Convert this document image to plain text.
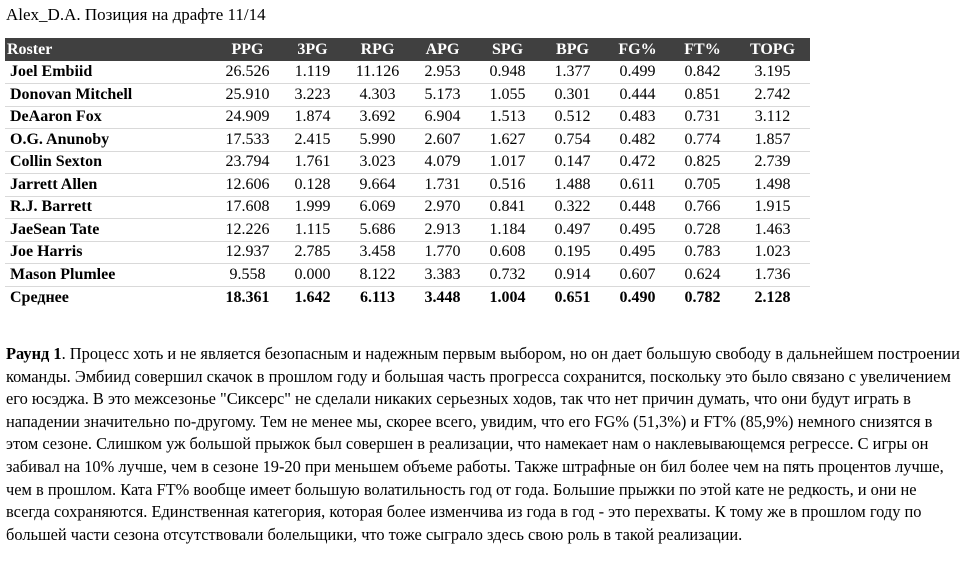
Alex_D.A. Позиция на драфте 11/14
Roster	PPG	3PG	RPG	APG	SPG	BPG	FG%	FT%	TOPG
Joel Embiid	26.526	1.119	11.126	2.953	0.948	1.377	0.499	0.842	3.195
Donovan Mitchell	25.910	3.223	4.303	5.173	1.055	0.301	0.444	0.851	2.742
DeAaron Fox	24.909	1.874	3.692	6.904	1.513	0.512	0.483	0.731	3.112
O.G. Anunoby	17.533	2.415	5.990	2.607	1.627	0.754	0.482	0.774	1.857
Collin Sexton	23.794	1.761	3.023	4.079	1.017	0.147	0.472	0.825	2.739
Jarrett Allen	12.606	0.128	9.664	1.731	0.516	1.488	0.611	0.705	1.498
R.J. Barrett	17.608	1.999	6.069	2.970	0.841	0.322	0.448	0.766	1.915
JaeSean Tate	12.226	1.115	5.686	2.913	1.184	0.497	0.495	0.728	1.463
Joe Harris	12.937	2.785	3.458	1.770	0.608	0.195	0.495	0.783	1.023
Mason Plumlee	9.558	0.000	8.122	3.383	0.732	0.914	0.607	0.624	1.736
Среднее	18.361	1.642	6.113	3.448	1.004	0.651	0.490	0.782	2.128

Раунд 1. Процесс хоть и не является безопасным и надежным первым выбором, но он дает большую свободу в дальнейшем построении команды. Эмбиид совершил скачок в прошлом году и большая часть прогресса сохранится, поскольку это было связано с увеличением его юсэджа. В это межсезонье "Сиксерс" не сделали никаких серьезных ходов, так что нет причин думать, что они будут играть в нападении значительно по-другому. Тем не менее мы, скорее всего, увидим, что его FG% (51,3%) и FT% (85,9%) немного снизятся в этом сезоне. Слишком уж большой прыжок был совершен в реализации, что намекает нам о наклевывающемся регрессе. С игры он забивал на 10% лучше, чем в сезоне 19-20 при меньшем объеме работы. Также штрафные он бил более чем на пять процентов лучше, чем в прошлом. Ката FT% вообще имеет большую волатильность год от года. Большие прыжки по этой кате не редкость, и они не всегда сохраняются. Единственная категория, которая более изменчива из года в год - это перехваты. К тому же в прошлом году по большей части сезона отсутствовали болельщики, что тоже сыграло здесь свою роль в такой реализации.
